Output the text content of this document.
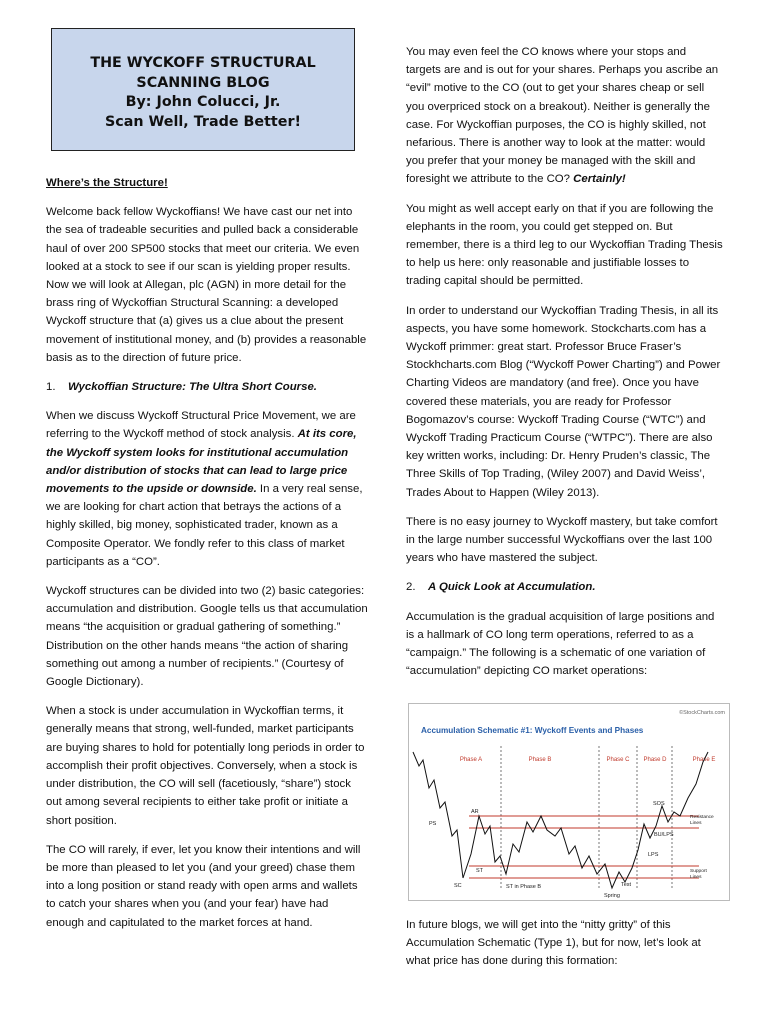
THE WYCKOFF STRUCTURAL
SCANNING BLOG
By: John Colucci, Jr.
Scan Well, Trade Better!

Where’s the Structure!

Welcome back fellow Wyckoffians! We have cast our net into the sea of tradeable securities and pulled back a considerable haul of over 200 SP500 stocks that meet our criteria. We even looked at a stock to see if our scan is yielding proper results. Now we will look at Allegan, plc (AGN) in more detail for the brass ring of Wyckoffian Structural Scanning: a developed Wyckoff structure that (a) gives us a clue about the present movement of institutional money, and (b) provides a reasonable basis as to the direction of future price.

1. Wyckoffian Structure: The Ultra Short Course.

When we discuss Wyckoff Structural Price Movement, we are referring to the Wyckoff method of stock analysis. At its core, the Wyckoff system looks for institutional accumulation and/or distribution of stocks that can lead to large price movements to the upside or downside. In a very real sense, we are looking for chart action that betrays the actions of a highly skilled, big money, sophisticated trader, known as a Composite Operator. We fondly refer to this class of market participants as a “CO”.

Wyckoff structures can be divided into two (2) basic categories: accumulation and distribution. Google tells us that accumulation means “the acquisition or gradual gathering of something.” Distribution on the other hands means “the action of sharing something out among a number of recipients.” (Courtesy of Google Dictionary).

When a stock is under accumulation in Wyckoffian terms, it generally means that strong, well-funded, market participants are buying shares to hold for potentially long periods in order to accomplish their profit objectives. Conversely, when a stock is under distribution, the CO will sell (facetiously, “share”) stock out among several recipients to either take profit or initiate a short position.

The CO will rarely, if ever, let you know their intentions and will be more than pleased to let you (and your greed) chase them into a long position or stand ready with open arms and wallets to catch your shares when you (and your fear) have had enough and capitulated to the market forces at hand.

You may even feel the CO knows where your stops and targets are and is out for your shares. Perhaps you ascribe an “evil” motive to the CO (out to get your shares cheap or sell you overpriced stock on a breakout). Neither is generally the case. For Wyckoffian purposes, the CO is highly skilled, not nefarious. There is another way to look at the matter: would you prefer that your money be managed with the skill and foresight we attribute to the CO? Certainly!

You might as well accept early on that if you are following the elephants in the room, you could get stepped on. But remember, there is a third leg to our Wyckoffian Trading Thesis to help us here: only reasonable and justifiable losses to trading capital should be permitted.

In order to understand our Wyckoffian Trading Thesis, in all its aspects, you have some homework. Stockcharts.com has a Wyckoff primmer: great start. Professor Bruce Fraser’s Stockhcharts.com Blog (“Wyckoff Power Charting”) and Power Charting Videos are mandatory (and free). Once you have covered these materials, you are ready for Professor Bogomazov’s course: Wyckoff Trading Course (“WTC”) and Wyckoff Trading Practicum Course (“WTPC”). There are also key written works, including: Dr. Henry Pruden’s classic, The Three Skills of Top Trading, (Wiley 2007) and David Weiss’, Trades About to Happen (Wiley 2013).

There is no easy journey to Wyckoff mastery, but take comfort in the large number successful Wyckoffians over the last 100 years who have mastered the subject.

2. A Quick Look at Accumulation.

Accumulation is the gradual acquisition of large positions and is a hallmark of CO long term operations, referred to as a “campaign.” The following is a schematic of one variation of “accumulation” depicting CO market operations:

In future blogs, we will get into the “nitty gritty” of this Accumulation Schematic (Type 1), but for now, let’s look at what price has done during this formation:

©StockCharts.com
Accumulation Schematic #1: Wyckoff Events and Phases
Phase A	Phase B	Phase C Phase D	Phase E
PS
AR
ST
SC	ST in Phase B
Spring
Test
LPS
BU/LPS
SOS
Resistance
Lines
Support
Lines
